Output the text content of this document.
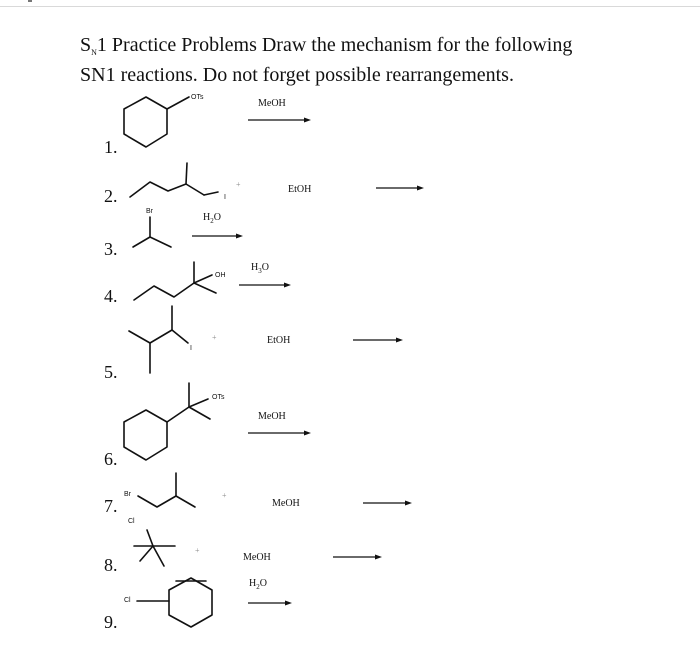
$S_N1$ Practice Problems Draw the mechanism for the following
SN1 reactions. Do not forget possible rearrangements.
1.
2.
3.
4.
5.
6.
7.
8.
9.
MeOH
EtOH
$H_2O$
$H_3O$
EtOH
MeOH
MeOH
MeOH
$H_2O$
+
+
+
+
OTs
I
Br
OH
I
OTs
Br
Cl
Cl
